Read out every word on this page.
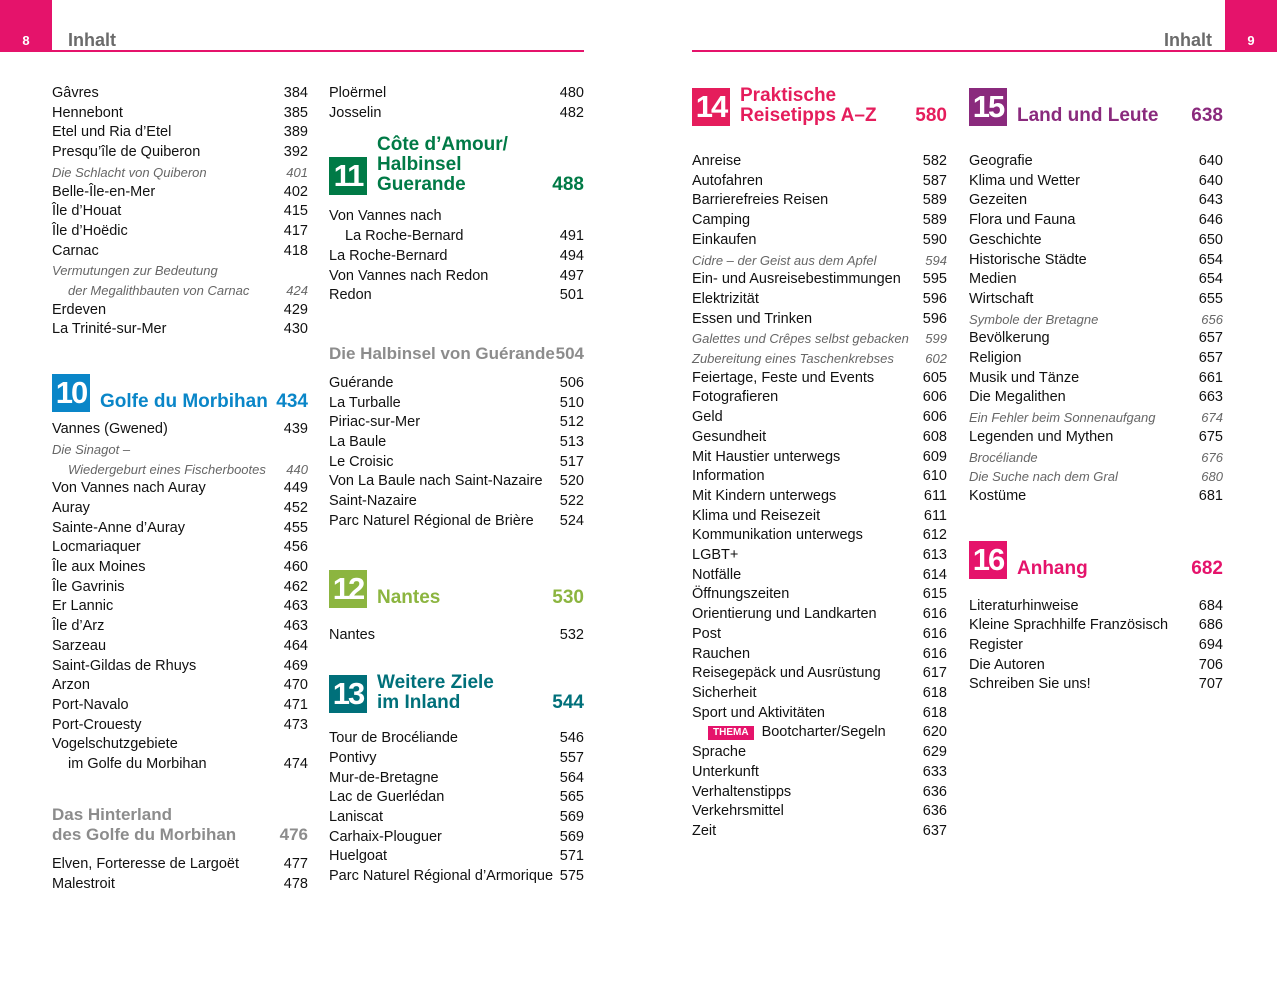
8 Inhalt	9
Inhalt
Gâvres	384
Hennebont	385
Etel und Ria d’Etel	389
Presqu’île de Quiberon	392
Die Schlacht von Quiberon	401
Belle-Île-en-Mer	402
Île d’Houat	415
Île d’Hoëdic	417
Carnac	418
Vermutungen zur Bedeutung
der Megalithbauten von Carnac	424
Erdeven	429
La Trinité-sur-Mer	430
10 Golfe du Morbihan 434
Vannes (Gwened)	439
Die Sinagot –
Wiedergeburt eines Fischerbootes 440
Von Vannes nach Auray	449
Auray	452
Sainte-Anne d’Auray	455
Locmariaquer	456
Île aux Moines	460
Île Gavrinis	462
Er Lannic	463
Île d’Arz	463
Sarzeau	464
Saint-Gildas de Rhuys	469
Arzon	470
Port-Navalo	471
Port-Crouesty	473
Vogelschutzgebiete
im Golfe du Morbihan	474
Das Hinterland
des Golfe du Morbihan	476
Elven, Forteresse de Largoët	477
Malestroit	478
Ploërmel	480
Josselin	482
11
Côte d’Amour/
Halbinsel Guerande	488
Von Vannes nach
La Roche-Bernard	491
La Roche-Bernard	494
Von Vannes nach Redon	497
Redon	501
Die Halbinsel von Guérande 504
Guérande	506
La Turballe	510
Piriac-sur-Mer	512
La Baule	513
Le Croisic	517
Von La Baule nach Saint-Nazaire 520
Saint-Nazaire	522
Parc Naturel Régional de Brière 524
12 Nantes	530
Nantes	532
13 Weitere Ziele
im Inland	544
Tour de Brocéliande	546
Pontivy	557
Mur-de-Bretagne	564
Lac de Guerlédan	565
Laniscat	569
Carhaix-Plouguer	569
Huelgoat	571
Parc Naturel Régional d’Armorique 575
14 Praktische
Reisetipps A–Z	580
Anreise	582
Autofahren	587
Barrierefreies Reisen	589
Camping	589
Einkaufen	590
Cidre – der Geist aus dem Apfel	594
Ein- und Ausreisebestimmungen 595
Elektrizität	596
Essen und Trinken	596
Galettes und Crêpes selbst gebacken 599
Zubereitung eines Taschenkrebses 602
Feiertage, Feste und Events	605
Fotografieren	606
Geld	606
Gesundheit	608
Mit Haustier unterwegs	609
Information	610
Mit Kindern unterwegs	611
Klima und Reisezeit	611
Kommunikation unterwegs	612
LGBT+	613
Notfälle	614
Öffnungszeiten	615
Orientierung und Landkarten	616
Post	616
Rauchen	616
Reisegepäck und Ausrüstung	617
Sicherheit	618
Sport und Aktivitäten	618
THEMA Bootcharter/Segeln	620
Sprache	629
Unterkunft	633
Verhaltenstipps	636
Verkehrsmittel	636
Zeit	637
15 Land und Leute	638
Geografie	640
Klima und Wetter	640
Gezeiten	643
Flora und Fauna	646
Geschichte	650
Historische Städte	654
Medien	654
Wirtschaft	655
Symbole der Bretagne	656
Bevölkerung	657
Religion	657
Musik und Tänze	661
Die Megalithen	663
Ein Fehler beim Sonnenaufgang	674
Legenden und Mythen	675
Brocéliande	676
Die Suche nach dem Gral	680
Kostüme	681
16 Anhang	682
Literaturhinweise	684
Kleine Sprachhilfe Französisch 686
Register	694
Die Autoren	706
Schreiben Sie uns!	707
